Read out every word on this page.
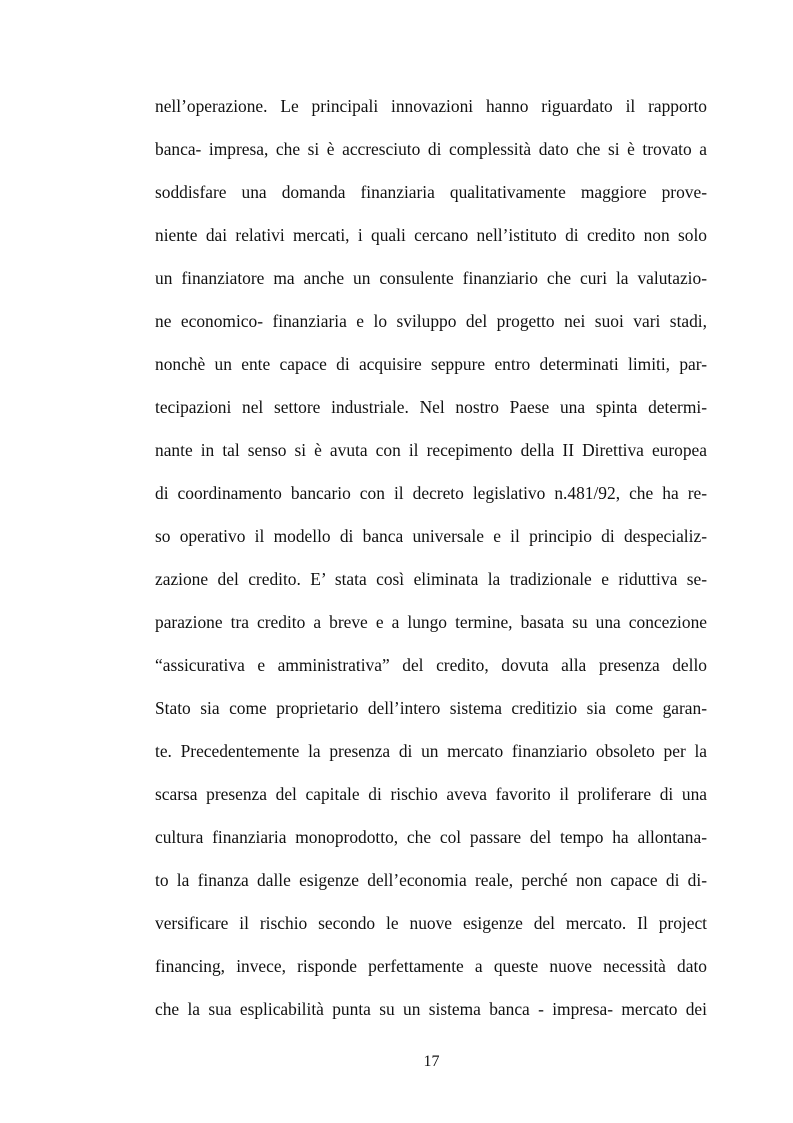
nell’operazione. Le principali innovazioni hanno riguardato il rapporto
banca- impresa, che si è accresciuto di complessità dato che si è trovato a
soddisfare una domanda finanziaria qualitativamente maggiore prove-
niente dai relativi mercati, i quali cercano nell’istituto di credito non solo
un finanziatore ma anche un consulente finanziario che curi la valutazio-
ne economico- finanziaria e lo sviluppo del progetto nei suoi vari stadi,
nonchè un ente capace di acquisire seppure entro determinati limiti, par-
tecipazioni nel settore industriale. Nel nostro Paese una spinta determi-
nante in tal senso si è avuta con il recepimento della II Direttiva europea
di coordinamento bancario con il decreto legislativo n.481/92, che ha re-
so operativo il modello di banca universale e il principio di despecializ-
zazione del credito. E’ stata così eliminata la tradizionale e riduttiva se-
parazione tra credito a breve e a lungo termine, basata su una concezione
“assicurativa e amministrativa” del credito, dovuta alla presenza dello
Stato sia come proprietario dell’intero sistema creditizio sia come garan-
te. Precedentemente la presenza di un mercato finanziario obsoleto per la
scarsa presenza del capitale di rischio aveva favorito il proliferare di una
cultura finanziaria monoprodotto, che col passare del tempo ha allontana-
to la finanza dalle esigenze dell’economia reale, perché non capace di di-
versificare il rischio secondo le nuove esigenze del mercato. Il project
financing, invece, risponde perfettamente a queste nuove necessità dato
che la sua esplicabilità punta su un sistema banca - impresa- mercato dei
17
